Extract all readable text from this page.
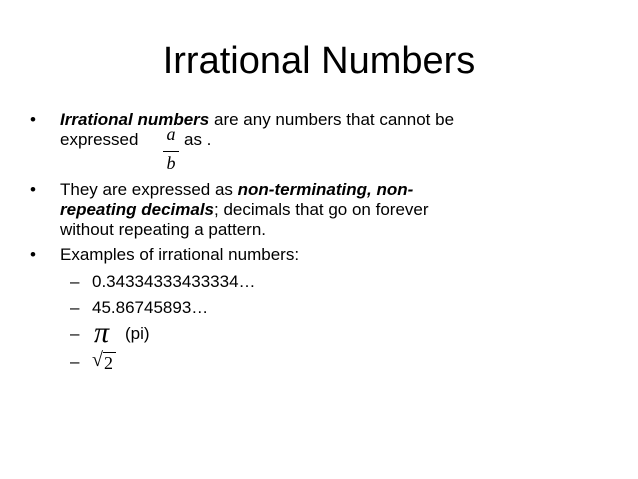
Irrational Numbers
• Irrational numbers are any numbers that cannot be
expressed	as .
a
b
• They are expressed as non-terminating, non-
repeating decimals; decimals that go on forever
without repeating a pattern.
• Examples of irrational numbers:
– 0.34334333433334…
– 45.86745893…
– π (pi)
– √ 2
